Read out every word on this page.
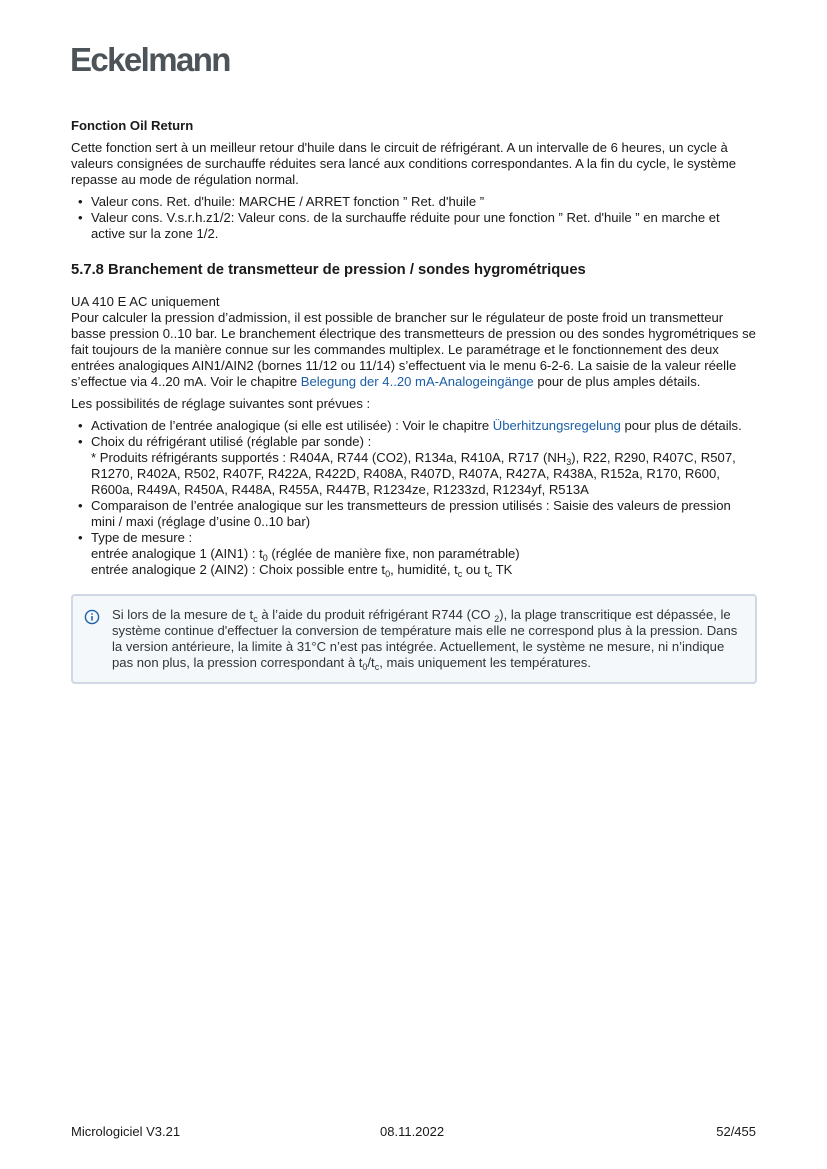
Eckelmann
Fonction Oil Return

Cette fonction sert à un meilleur retour d'huile dans le circuit de réfrigérant. A un intervalle de 6 heures, un cycle à valeurs consignées de surchauffe réduites sera lancé aux conditions correspondantes. A la fin du cycle, le système repasse au mode de régulation normal.

• Valeur cons. Ret. d'huile: MARCHE / ARRET fonction ” Ret. d'huile ”
• Valeur cons. V.s.r.h.z1/2: Valeur cons. de la surchauffe réduite pour une fonction ” Ret. d'huile ” en marche et active sur la zone 1/2.
5.7.8 Branchement de transmetteur de pression / sondes hygrométriques

UA 410 E AC uniquement
Pour calculer la pression d’admission, il est possible de brancher sur le régulateur de poste froid un transmetteur basse pression 0..10 bar. Le branchement électrique des transmetteurs de pression ou des sondes hygrométriques se fait toujours de la manière connue sur les commandes multiplex. Le paramétrage et le fonctionnement des deux entrées analogiques AIN1/AIN2 (bornes 11/12 ou 11/14) s’effectuent via le menu 6-2-6. La saisie de la valeur réelle s’effectue via 4..20 mA. Voir le chapitre Belegung der 4..20 mA-Analogeingänge pour de plus amples détails.

Les possibilités de réglage suivantes sont prévues :

• Activation de l’entrée analogique (si elle est utilisée) : Voir le chapitre Überhitzungsregelung pour plus de détails.
• Choix du réfrigérant utilisé (réglable par sonde) :
* Produits réfrigérants supportés : R404A, R744 (CO2), R134a, R410A, R717 $(NH_3)$, R22, R290, R407C, R507, R1270, R402A, R502, R407F, R422A, R422D, R408A, R407D, R407A, R427A, R438A, R152a, R170, R600, R600a, R449A, R450A, R448A, R455A, R447B, R1234ze, R1233zd, R1234yf, R513A
• Comparaison de l’entrée analogique sur les transmetteurs de pression utilisés : Saisie des valeurs de pression mini / maxi (réglage d’usine 0..10 bar)
• Type de mesure :
entrée analogique 1 (AIN1) : $t_0$ (réglée de manière fixe, non paramétrable)
entrée analogique 2 (AIN2) : Choix possible entre $t_0$, humidité, $t_c$ ou $t_c$ TK
Si lors de la mesure de $t_c$ à l’aide du produit réfrigérant R744 (CO $_2$), la plage transcritique est dépassée, le système continue d'effectuer la conversion de température mais elle ne correspond plus à la pression. Dans la version antérieure, la limite à 31°C n’est pas intégrée. Actuellement, le système ne mesure, ni n’indique pas non plus, la pression correspondant à $t_0/t_c$, mais uniquement les températures.
Micrologiciel V3.21	08.11.2022	52/455
